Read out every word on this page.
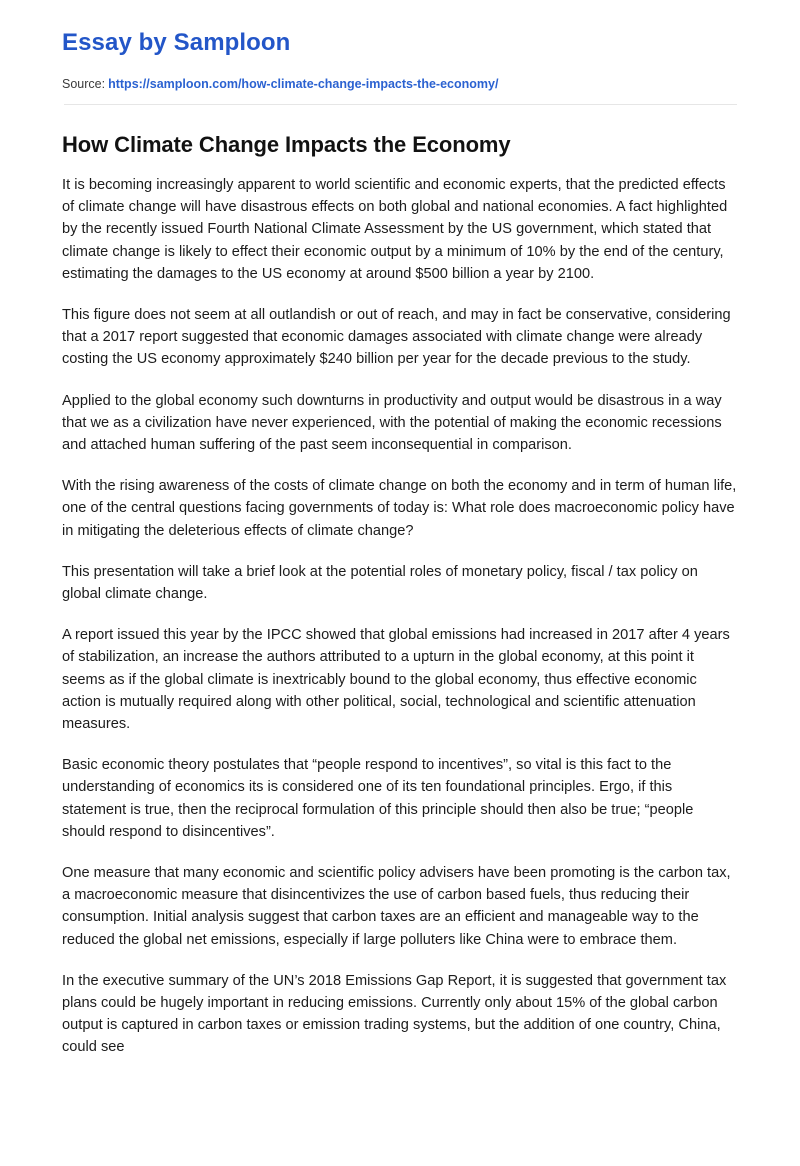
Essay by Samploon

Source: https://samploon.com/how-climate-change-impacts-the-economy/

How Climate Change Impacts the Economy

It is becoming increasingly apparent to world scientific and economic experts, that the predicted effects of climate change will have disastrous effects on both global and national economies. A fact highlighted by the recently issued Fourth National Climate Assessment by the US government, which stated that climate change is likely to effect their economic output by a minimum of 10% by the end of the century, estimating the damages to the US economy at around $500 billion a year by 2100.

This figure does not seem at all outlandish or out of reach, and may in fact be conservative, considering that a 2017 report suggested that economic damages associated with climate change were already costing the US economy approximately $240 billion per year for the decade previous to the study.

Applied to the global economy such downturns in productivity and output would be disastrous in a way that we as a civilization have never experienced, with the potential of making the economic recessions and attached human suffering of the past seem inconsequential in comparison.

With the rising awareness of the costs of climate change on both the economy and in term of human life, one of the central questions facing governments of today is: What role does macroeconomic policy have in mitigating the deleterious effects of climate change?

This presentation will take a brief look at the potential roles of monetary policy, fiscal / tax policy on global climate change.

A report issued this year by the IPCC showed that global emissions had increased in 2017 after 4 years of stabilization, an increase the authors attributed to a upturn in the global economy, at this point it seems as if the global climate is inextricably bound to the global economy, thus effective economic action is mutually required along with other political, social, technological and scientific attenuation measures.

Basic economic theory postulates that “people respond to incentives”, so vital is this fact to the understanding of economics its is considered one of its ten foundational principles. Ergo, if this statement is true, then the reciprocal formulation of this principle should then also be true; “people should respond to disincentives”.

One measure that many economic and scientific policy advisers have been promoting is the carbon tax, a macroeconomic measure that disincentivizes the use of carbon based fuels, thus reducing their consumption. Initial analysis suggest that carbon taxes are an efficient and manageable way to the reduced the global net emissions, especially if large polluters like China were to embrace them.

In the executive summary of the UN’s 2018 Emissions Gap Report, it is suggested that government tax plans could be hugely important in reducing emissions. Currently only about 15% of the global carbon output is captured in carbon taxes or emission trading systems, but the addition of one country, China, could see
